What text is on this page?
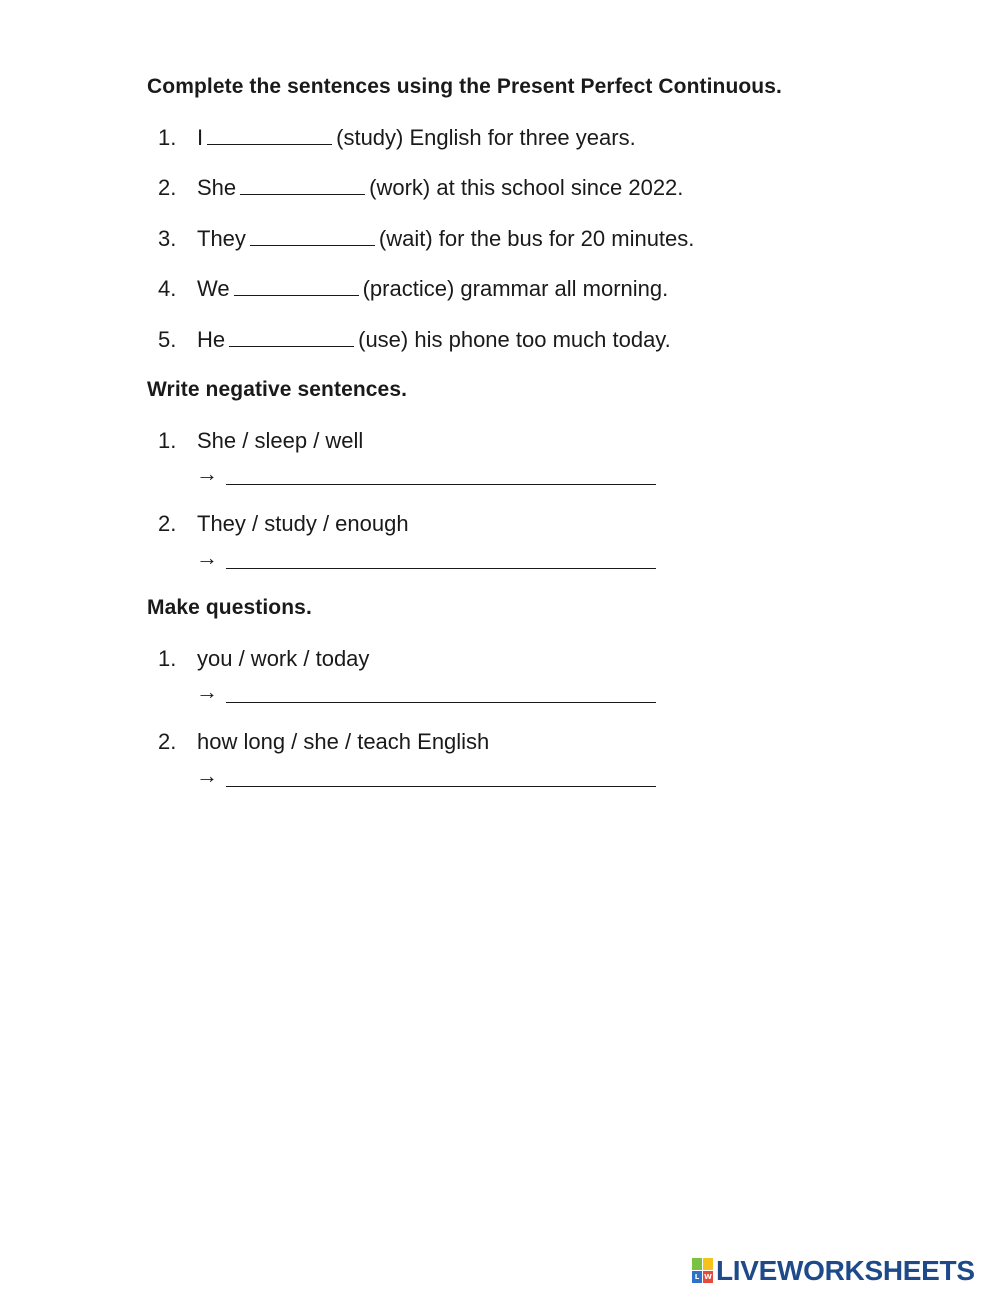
Complete the sentences using the Present Perfect Continuous.
1. I	(study) English for three years.
2. She	(work) at this school since 2022.
3. They	(wait) for the bus for 20 minutes.
4. We	(practice) grammar all morning.
5. He	(use) his phone too much today.
Write negative sentences.
1. She / sleep / well
→
2. They / study / enough
→
Make questions.
1. you / work / today
→
2. how long / she / teach English
→
L W LIVEWORKSHEETS
